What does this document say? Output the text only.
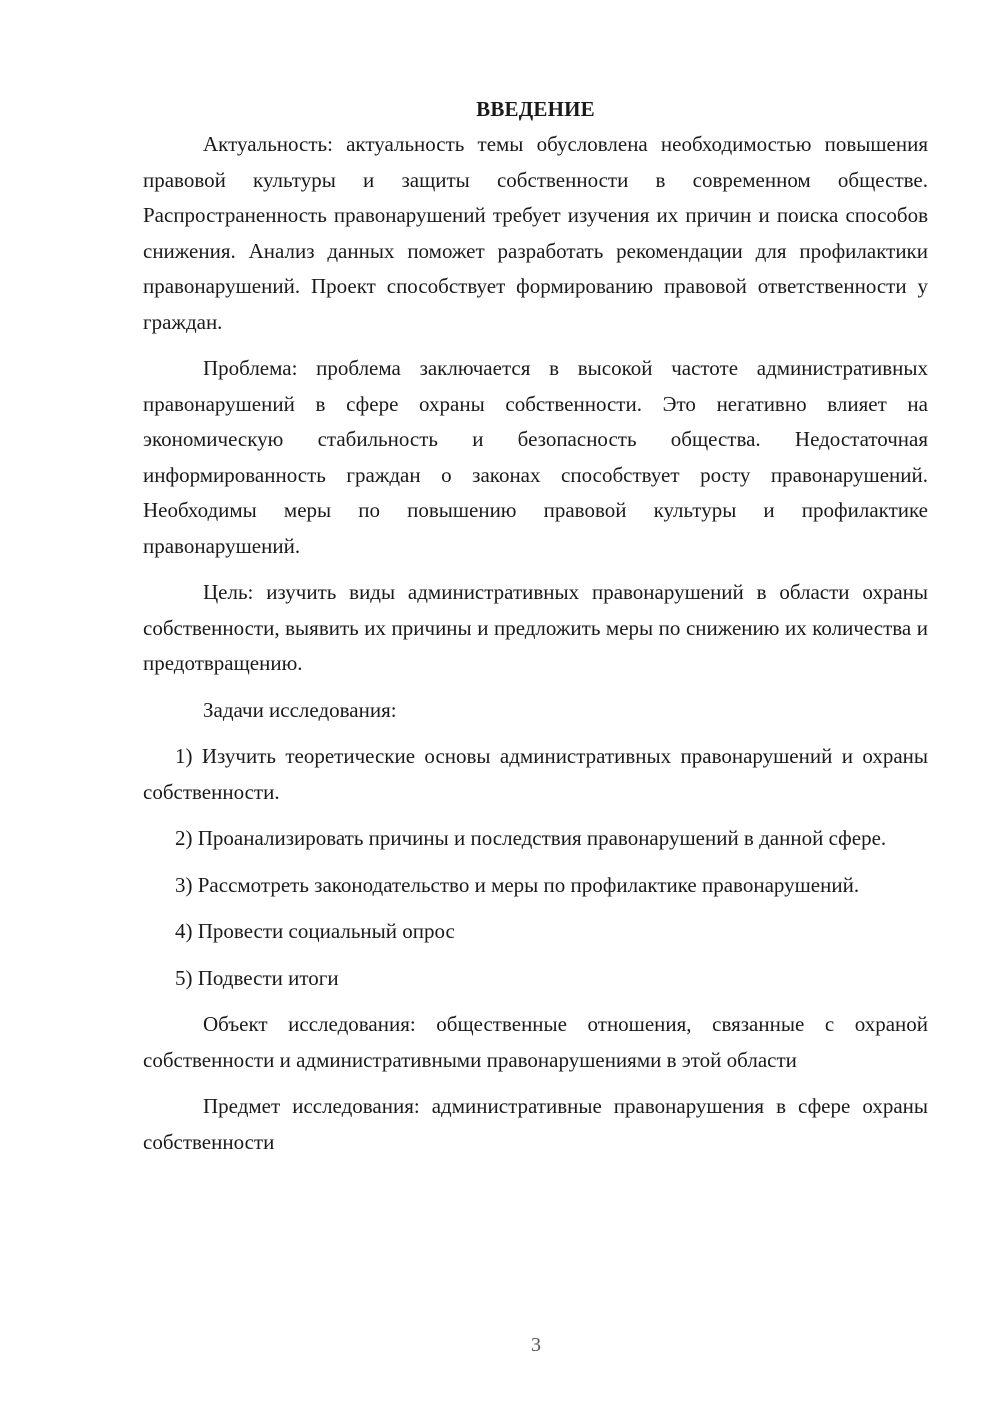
ВВЕДЕНИЕ

Актуальность: актуальность темы обусловлена необходимостью повышения правовой культуры и защиты собственности в современном обществе. Распространенность правонарушений требует изучения их причин и поиска способов снижения. Анализ данных поможет разработать рекомендации для профилактики правонарушений. Проект способствует формированию правовой ответственности у граждан.

Проблема: проблема заключается в высокой частоте административных правонарушений в сфере охраны собственности. Это негативно влияет на экономическую стабильность и безопасность общества. Недостаточная информированность граждан о законах способствует росту правонарушений. Необходимы меры по повышению правовой культуры и профилактике правонарушений.

Цель: изучить виды административных правонарушений в области охраны собственности, выявить их причины и предложить меры по снижению их количества и предотвращению.

Задачи исследования:

1) Изучить теоретические основы административных правонарушений и охраны собственности.

2) Проанализировать причины и последствия правонарушений в данной сфере.

3) Рассмотреть законодательство и меры по профилактике правонарушений.

4) Провести социальный опрос

5) Подвести итоги

Объект исследования: общественные отношения, связанные с охраной собственности и административными правонарушениями в этой области

Предмет исследования: административные правонарушения в сфере охраны собственности

3
